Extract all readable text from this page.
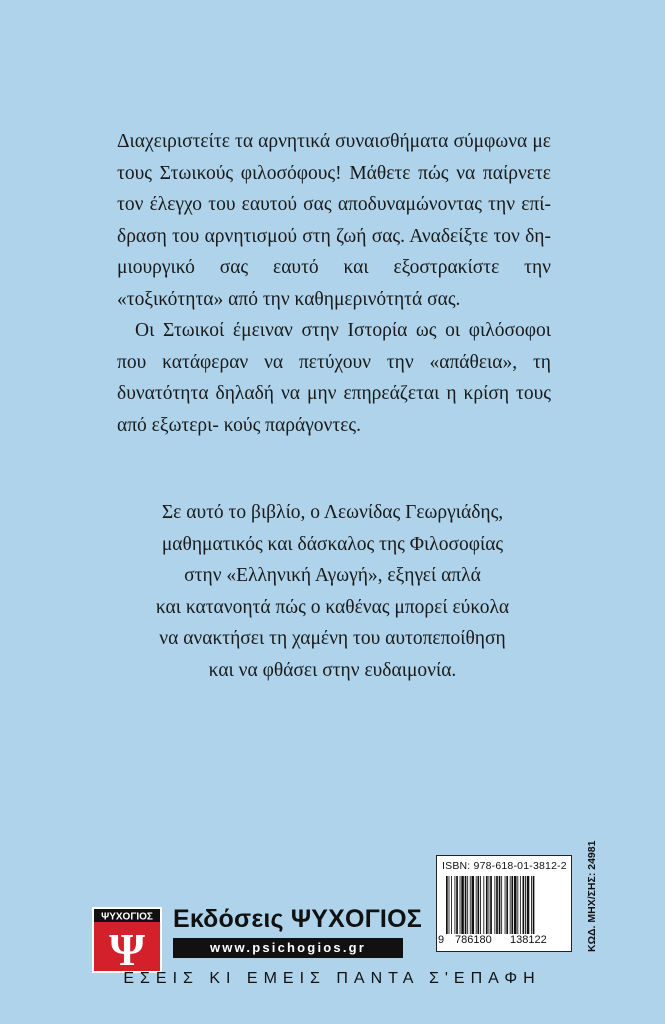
Διαχειριστείτε τα αρνητικά συναισθήματα σύμφωνα με τους Στωικούς φιλοσόφους! Μάθετε πώς να παίρνετε τον έλεγχο του εαυτού σας αποδυναμώνοντας την επί- δραση του αρνητισμού στη ζωή σας. Αναδείξτε τον δη- μιουργικό σας εαυτό και εξοστρακίστε την «τοξικότητα» από την καθημερινότητά σας.

Οι Στωικοί έμειναν στην Ιστορία ως οι φιλόσοφοι που κατάφεραν να πετύχουν την «απάθεια», τη δυνατότητα δηλαδή να μην επηρεάζεται η κρίση τους από εξωτερι- κούς παράγοντες.

Σε αυτό το βιβλίο, ο Λεωνίδας Γεωργιάδης,
μαθηματικός και δάσκαλος της Φιλοσοφίας
στην «Ελληνική Αγωγή», εξηγεί απλά
και κατανοητά πώς ο καθένας μπορεί εύκολα
να ανακτήσει τη χαμένη του αυτοπεποίθηση
και να φθάσει στην ευδαιμονία.
ISBN: 978-618-01-3812-2
9 786180 138122	ΚΩΔ. ΜΗΧ/ΣΗΣ: 24981
ΨΥΧΟΓΙΟΣ
Ψ
Εκδόσεις ΨΥΧΟΓΙΟΣ
www.psichogios.gr
ΕΣΕΙΣ ΚΙ ΕΜΕΙΣ ΠΑΝΤΑ Σ'ΕΠΑΦΗ
